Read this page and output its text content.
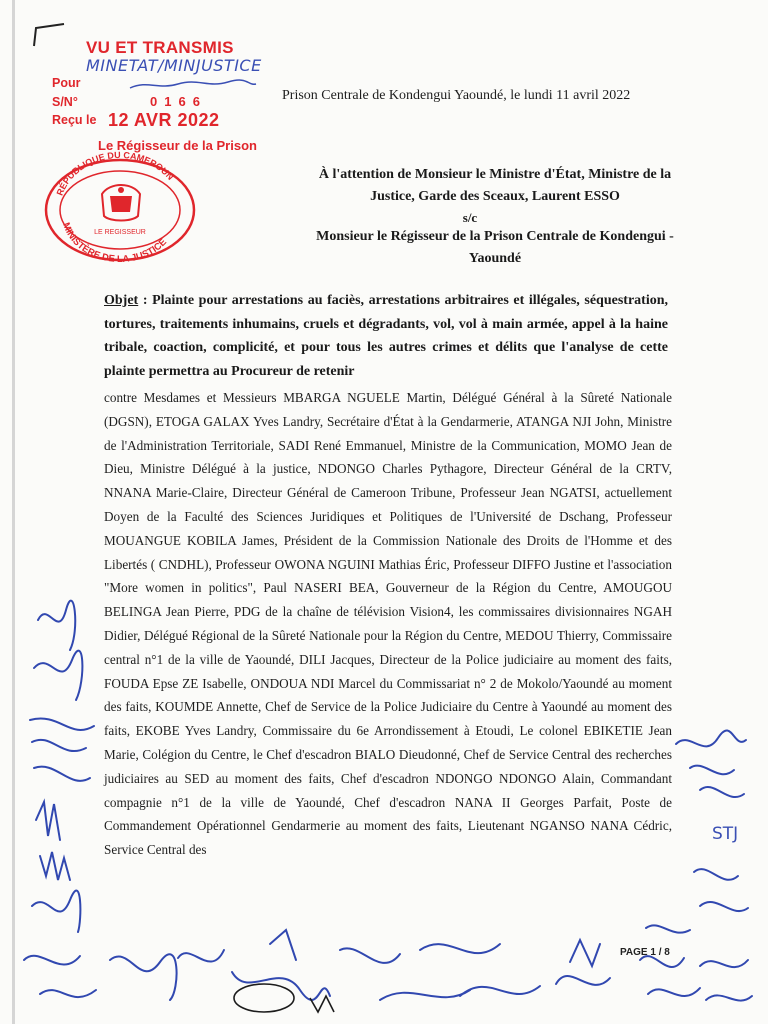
VU ET TRANSMIS
MINETAT/MINJUSTICE
Pour
S/N°	0166
Reçu le 12 AVR 2022
Le Régisseur de la Prison
RÉPUBLIQUE DU CAMEROUN
MINISTÈRE DE LA JUSTICE
LE REGISSEUR
Prison Centrale de Kondengui Yaoundé, le lundi 11 avril 2022
À l'attention de Monsieur le Ministre d'État, Ministre de la Justice, Garde des Sceaux, Laurent ESSO
s/c
Monsieur le Régisseur de la Prison Centrale de Kondengui - Yaoundé
Objet : Plainte pour arrestations au faciès, arrestations arbitraires et illégales, séquestration, tortures, traitements inhumains, cruels et dégradants, vol, vol à main armée, appel à la haine tribale, coaction, complicité, et pour tous les autres crimes et délits que l'analyse de cette plainte permettra au Procureur de retenir
contre Mesdames et Messieurs MBARGA NGUELE Martin, Délégué Général à la Sûreté Nationale (DGSN), ETOGA GALAX Yves Landry, Secrétaire d'État à la Gendarmerie, ATANGA NJI John, Ministre de l'Administration Territoriale, SADI René Emmanuel, Ministre de la Communication, MOMO Jean de Dieu, Ministre Délégué à la justice, NDONGO Charles Pythagore, Directeur Général de la CRTV, NNANA Marie-Claire, Directeur Général de Cameroon Tribune, Professeur Jean NGATSI, actuellement Doyen de la Faculté des Sciences Juridiques et Politiques de l'Université de Dschang, Professeur MOUANGUE KOBILA James, Président de la Commission Nationale des Droits de l'Homme et des Libertés ( CNDHL), Professeur OWONA NGUINI Mathias Éric, Professeur DIFFO Justine et l'association "More women in politics", Paul NASERI BEA, Gouverneur de la Région du Centre, AMOUGOU BELINGA Jean Pierre, PDG de la chaîne de télévision Vision4, les commissaires divisionnaires NGAH Didier, Délégué Régional de la Sûreté Nationale pour la Région du Centre, MEDOU Thierry, Commissaire central n°1 de la ville de Yaoundé, DILI Jacques, Directeur de la Police judiciaire au moment des faits, FOUDA Epse ZE Isabelle, ONDOUA NDI Marcel du Commissariat n° 2 de Mokolo/Yaoundé au moment des faits, KOUMDE Annette, Chef de Service de la Police Judiciaire du Centre à Yaoundé au moment des faits, EKOBE Yves Landry, Commissaire du 6e Arrondissement à Etoudi, Le colonel EBIKETIE Jean Marie, Colégion du Centre, le Chef d'escadron BIALO Dieudonné, Chef de Service Central des recherches judiciaires au SED au moment des faits, Chef d'escadron NDONGO NDONGO Alain, Commandant compagnie n°1 de la ville de Yaoundé, Chef d'escadron NANA II Georges Parfait, Poste de Commandement Opérationnel Gendarmerie au moment des faits, Lieutenant NGANSO NANA Cédric, Service Central des
STJ
PAGE 1 / 8
